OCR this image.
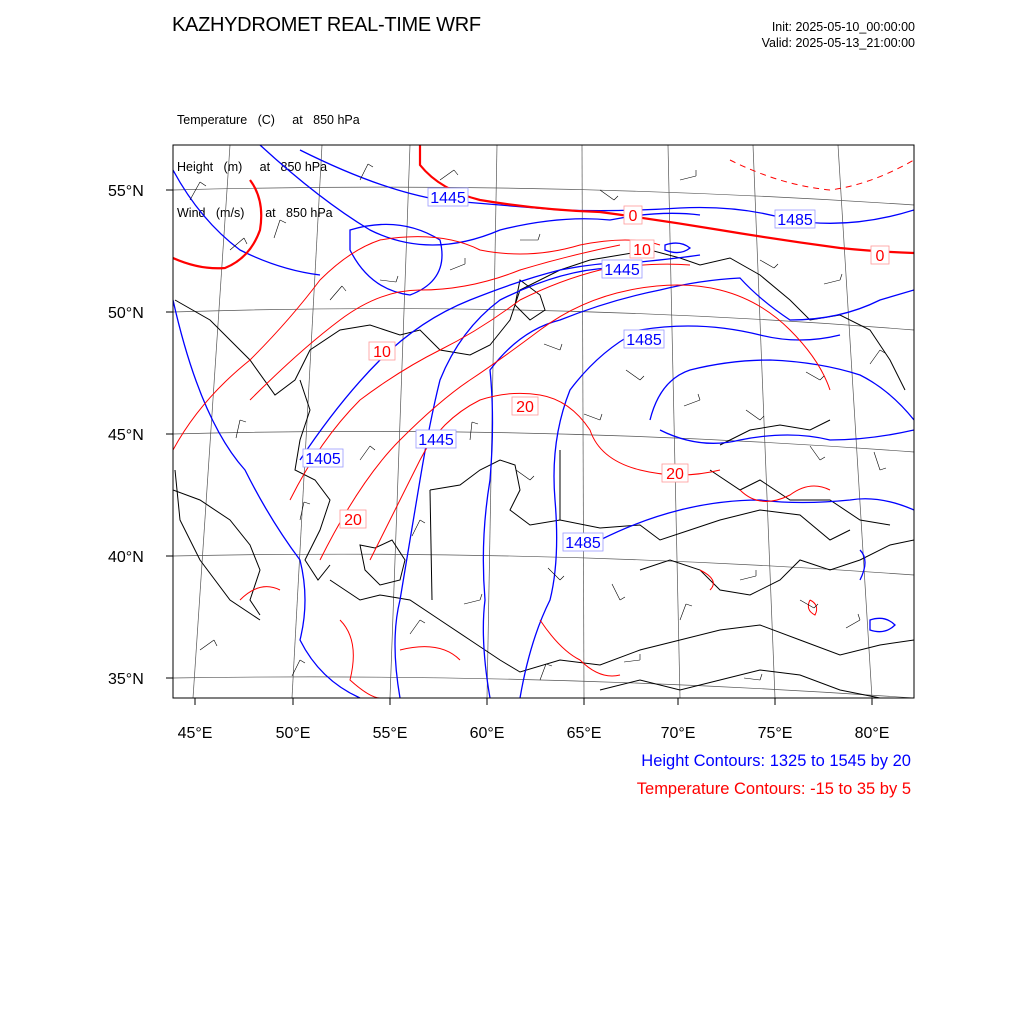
KAZHYDROMET REAL-TIME WRF	Init: 2025-05-10_00:00:00
Valid: 2025-05-13_21:00:00

Temperature   (C)     at   850 hPa

Height   (m)     at   850 hPa

Wind   (m/s)      at   850 hPa

55°N
50°N
45°N
40°N
35°N
45°E	50°E	55°E	60°E	65°E	70°E	75°E	80°E
1445
1445
1485
1485
1445
1405
1485
0
10	0
10
20
20
20
Height Contours: 1325 to 1545 by 20
Temperature Contours: -15 to 35 by 5
